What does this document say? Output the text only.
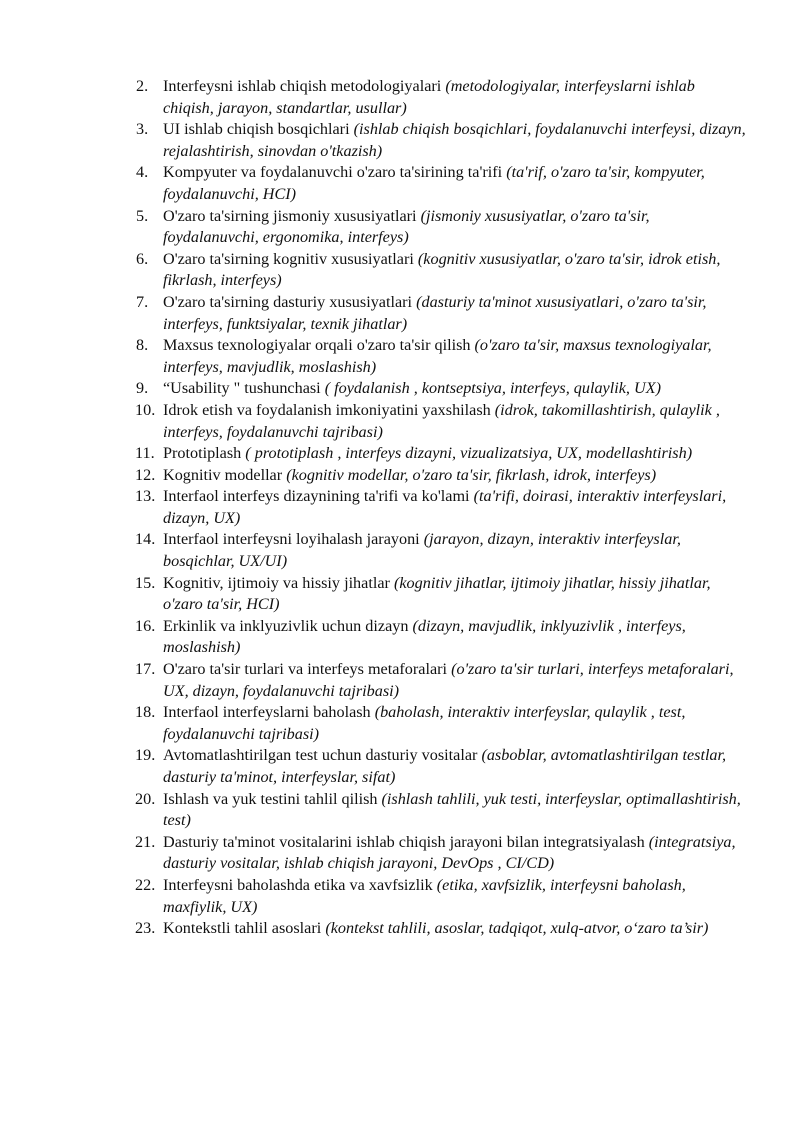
2. Interfeysni ishlab chiqish metodologiyalari (metodologiyalar, interfeyslarni ishlab chiqish, jarayon, standartlar, usullar)
3. UI ishlab chiqish bosqichlari (ishlab chiqish bosqichlari, foydalanuvchi interfeysi, dizayn, rejalashtirish, sinovdan o'tkazish)
4. Kompyuter va foydalanuvchi o'zaro ta'sirining ta'rifi (ta'rif, o'zaro ta'sir, kompyuter, foydalanuvchi, HCI)
5. O'zaro ta'sirning jismoniy xususiyatlari (jismoniy xususiyatlar, o'zaro ta'sir, foydalanuvchi, ergonomika, interfeys)
6. O'zaro ta'sirning kognitiv xususiyatlari (kognitiv xususiyatlar, o'zaro ta'sir, idrok etish, fikrlash, interfeys)
7. O'zaro ta'sirning dasturiy xususiyatlari (dasturiy ta'minot xususiyatlari, o'zaro ta'sir, interfeys, funktsiyalar, texnik jihatlar)
8. Maxsus texnologiyalar orqali o'zaro ta'sir qilish (o'zaro ta'sir, maxsus texnologiyalar, interfeys, mavjudlik, moslashish)
9. “Usability " tushunchasi ( foydalanish , kontseptsiya, interfeys, qulaylik, UX)
10. Idrok etish va foydalanish imkoniyatini yaxshilash (idrok, takomillashtirish, qulaylik , interfeys, foydalanuvchi tajribasi)
11. Prototiplash ( prototiplash , interfeys dizayni, vizualizatsiya, UX, modellashtirish)
12. Kognitiv modellar (kognitiv modellar, o'zaro ta'sir, fikrlash, idrok, interfeys)
13. Interfaol interfeys dizaynining ta'rifi va ko'lami (ta'rifi, doirasi, interaktiv interfeyslari, dizayn, UX)
14. Interfaol interfeysni loyihalash jarayoni (jarayon, dizayn, interaktiv interfeyslar, bosqichlar, UX/UI)
15. Kognitiv, ijtimoiy va hissiy jihatlar (kognitiv jihatlar, ijtimoiy jihatlar, hissiy jihatlar, o'zaro ta'sir, HCI)
16. Erkinlik va inklyuzivlik uchun dizayn (dizayn, mavjudlik, inklyuzivlik , interfeys, moslashish)
17. O'zaro ta'sir turlari va interfeys metaforalari (o'zaro ta'sir turlari, interfeys metaforalari, UX, dizayn, foydalanuvchi tajribasi)
18. Interfaol interfeyslarni baholash (baholash, interaktiv interfeyslar, qulaylik , test, foydalanuvchi tajribasi)
19. Avtomatlashtirilgan test uchun dasturiy vositalar (asboblar, avtomatlashtirilgan testlar, dasturiy ta'minot, interfeyslar, sifat)
20. Ishlash va yuk testini tahlil qilish (ishlash tahlili, yuk testi, interfeyslar, optimallashtirish, test)
21. Dasturiy ta'minot vositalarini ishlab chiqish jarayoni bilan integratsiyalash (integratsiya, dasturiy vositalar, ishlab chiqish jarayoni, DevOps , CI/CD)
22. Interfeysni baholashda etika va xavfsizlik (etika, xavfsizlik, interfeysni baholash, maxfiylik, UX)
23. Kontekstli tahlil asoslari (kontekst tahlili, asoslar, tadqiqot, xulq-atvor, o‘zaro ta’sir)
